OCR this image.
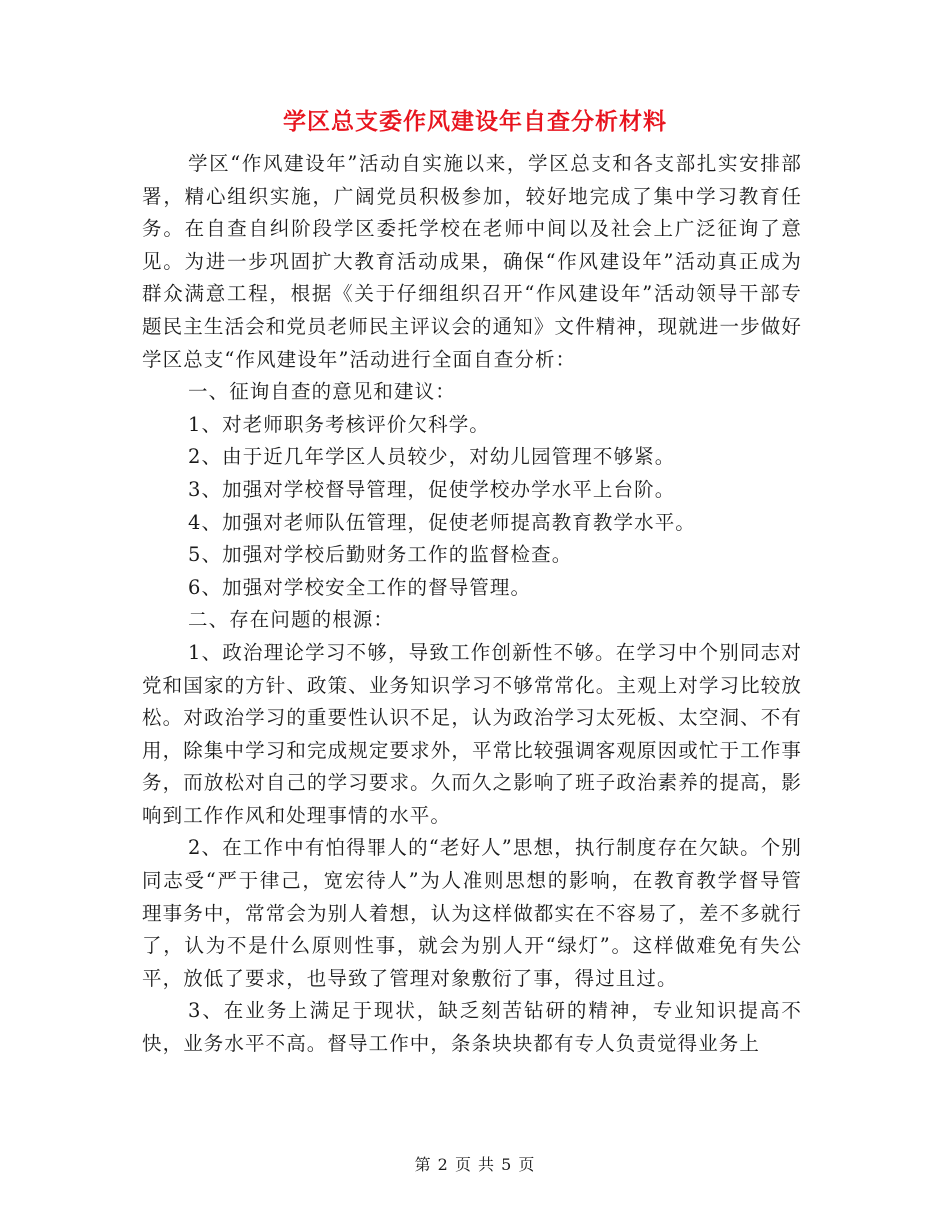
学区总支委作风建设年自查分析材料

学区“作风建设年”活动自实施以来，学区总支和各支部扎实安排部署，精心组织实施，广阔党员积极参加，较好地完成了集中学习教育任务。在自查自纠阶段学区委托学校在老师中间以及社会上广泛征询了意见。为进一步巩固扩大教育活动成果，确保“作风建设年”活动真正成为群众满意工程，根据《关于仔细组织召开“作风建设年”活动领导干部专题民主生活会和党员老师民主评议会的通知》文件精神，现就进一步做好学区总支“作风建设年”活动进行全面自查分析：

一、征询自查的意见和建议：

1、对老师职务考核评价欠科学。

2、由于近几年学区人员较少，对幼儿园管理不够紧。

3、加强对学校督导管理，促使学校办学水平上台阶。

4、加强对老师队伍管理，促使老师提高教育教学水平。

5、加强对学校后勤财务工作的监督检查。

6、加强对学校安全工作的督导管理。

二、存在问题的根源：

1、政治理论学习不够，导致工作创新性不够。在学习中个别同志对党和国家的方针、政策、业务知识学习不够常常化。主观上对学习比较放松。对政治学习的重要性认识不足，认为政治学习太死板、太空洞、不有用，除集中学习和完成规定要求外，平常比较强调客观原因或忙于工作事务，而放松对自己的学习要求。久而久之影响了班子政治素养的提高，影响到工作作风和处理事情的水平。

2、在工作中有怕得罪人的“老好人”思想，执行制度存在欠缺。个别同志受“严于律己，宽宏待人”为人准则思想的影响，在教育教学督导管理事务中，常常会为别人着想，认为这样做都实在不容易了，差不多就行了，认为不是什么原则性事，就会为别人开“绿灯”。这样做难免有失公平，放低了要求，也导致了管理对象敷衍了事，得过且过。

3、在业务上满足于现状，缺乏刻苦钻研的精神，专业知识提高不快，业务水平不高。督导工作中，条条块块都有专人负责觉得业务上

第 2 页 共 5 页
